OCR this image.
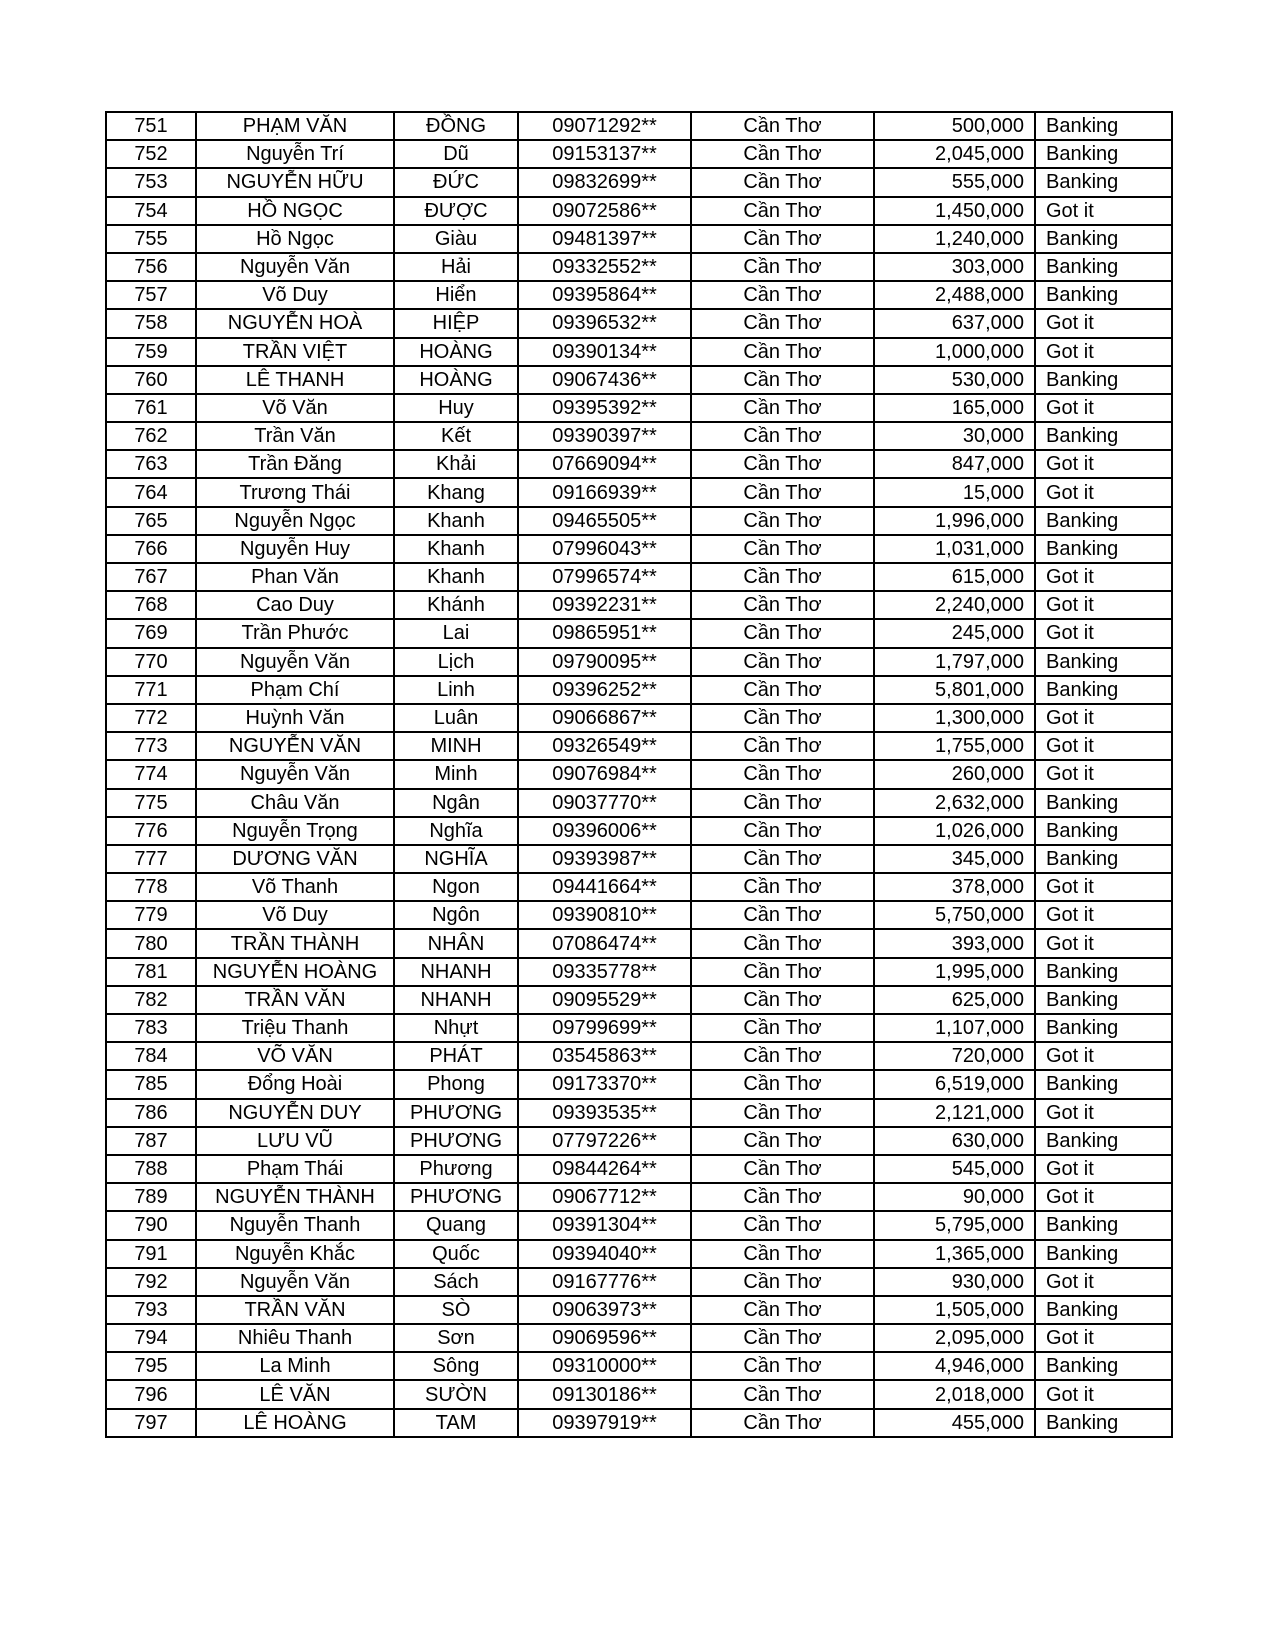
751	PHẠM VĂN	ĐỒNG	09071292**	Cần Thơ	500,000	Banking
752	Nguyễn Trí	Dũ	09153137**	Cần Thơ	2,045,000	Banking
753	NGUYỄN HỮU	ĐỨC	09832699**	Cần Thơ	555,000	Banking
754	HỒ NGỌC	ĐƯỢC	09072586**	Cần Thơ	1,450,000	Got it
755	Hồ Ngọc	Giàu	09481397**	Cần Thơ	1,240,000	Banking
756	Nguyễn Văn	Hải	09332552**	Cần Thơ	303,000	Banking
757	Võ Duy	Hiển	09395864**	Cần Thơ	2,488,000	Banking
758	NGUYỄN HOÀ	HIỆP	09396532**	Cần Thơ	637,000	Got it
759	TRẦN VIỆT	HOÀNG	09390134**	Cần Thơ	1,000,000	Got it
760	LÊ THANH	HOÀNG	09067436**	Cần Thơ	530,000	Banking
761	Võ Văn	Huy	09395392**	Cần Thơ	165,000	Got it
762	Trần Văn	Kết	09390397**	Cần Thơ	30,000	Banking
763	Trần Đăng	Khải	07669094**	Cần Thơ	847,000	Got it
764	Trương Thái	Khang	09166939**	Cần Thơ	15,000	Got it
765	Nguyễn Ngọc	Khanh	09465505**	Cần Thơ	1,996,000	Banking
766	Nguyễn Huy	Khanh	07996043**	Cần Thơ	1,031,000	Banking
767	Phan Văn	Khanh	07996574**	Cần Thơ	615,000	Got it
768	Cao Duy	Khánh	09392231**	Cần Thơ	2,240,000	Got it
769	Trần Phước	Lai	09865951**	Cần Thơ	245,000	Got it
770	Nguyễn Văn	Lịch	09790095**	Cần Thơ	1,797,000	Banking
771	Phạm Chí	Linh	09396252**	Cần Thơ	5,801,000	Banking
772	Huỳnh Văn	Luân	09066867**	Cần Thơ	1,300,000	Got it
773	NGUYỄN VĂN	MINH	09326549**	Cần Thơ	1,755,000	Got it
774	Nguyễn Văn	Minh	09076984**	Cần Thơ	260,000	Got it
775	Châu Văn	Ngân	09037770**	Cần Thơ	2,632,000	Banking
776	Nguyễn Trọng	Nghĩa	09396006**	Cần Thơ	1,026,000	Banking
777	DƯƠNG VĂN	NGHĨA	09393987**	Cần Thơ	345,000	Banking
778	Võ Thanh	Ngon	09441664**	Cần Thơ	378,000	Got it
779	Võ Duy	Ngôn	09390810**	Cần Thơ	5,750,000	Got it
780	TRẦN THÀNH	NHÂN	07086474**	Cần Thơ	393,000	Got it
781	NGUYỄN HOÀNG	NHANH	09335778**	Cần Thơ	1,995,000	Banking
782	TRẦN VĂN	NHANH	09095529**	Cần Thơ	625,000	Banking
783	Triệu Thanh	Nhựt	09799699**	Cần Thơ	1,107,000	Banking
784	VÕ VĂN	PHÁT	03545863**	Cần Thơ	720,000	Got it
785	Đổng Hoài	Phong	09173370**	Cần Thơ	6,519,000	Banking
786	NGUYỄN DUY	PHƯƠNG	09393535**	Cần Thơ	2,121,000	Got it
787	LƯU VŨ	PHƯƠNG	07797226**	Cần Thơ	630,000	Banking
788	Phạm Thái	Phương	09844264**	Cần Thơ	545,000	Got it
789	NGUYỄN THÀNH	PHƯƠNG	09067712**	Cần Thơ	90,000	Got it
790	Nguyễn Thanh	Quang	09391304**	Cần Thơ	5,795,000	Banking
791	Nguyễn Khắc	Quốc	09394040**	Cần Thơ	1,365,000	Banking
792	Nguyễn Văn	Sách	09167776**	Cần Thơ	930,000	Got it
793	TRẦN VĂN	SÒ	09063973**	Cần Thơ	1,505,000	Banking
794	Nhiêu Thanh	Sơn	09069596**	Cần Thơ	2,095,000	Got it
795	La Minh	Sông	09310000**	Cần Thơ	4,946,000	Banking
796	LÊ VĂN	SƯỜN	09130186**	Cần Thơ	2,018,000	Got it
797	LÊ HOÀNG	TAM	09397919**	Cần Thơ	455,000	Banking
